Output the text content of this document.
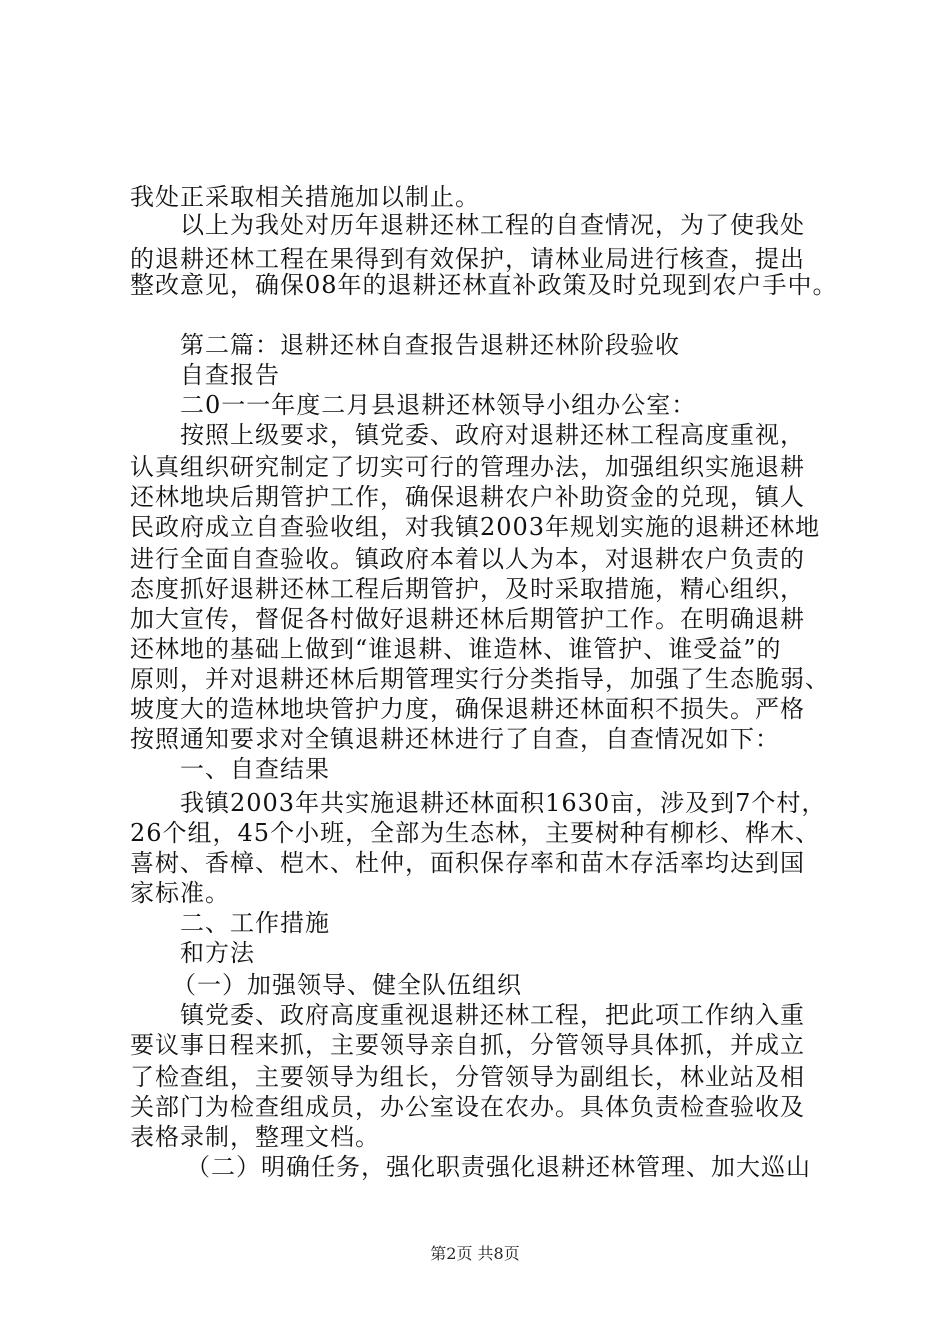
我处正采取相关措施加以制止。
以上为我处对历年退耕还林工程的自查情况，为了使我处
的退耕还林工程在果得到有效保护，请林业局进行核查，提出
整改意见，确保08年的退耕还林直补政策及时兑现到农户手中。
第二篇：退耕还林自查报告退耕还林阶段验收
自查报告
二0一一年度二月县退耕还林领导小组办公室：
按照上级要求，镇党委、政府对退耕还林工程高度重视，
认真组织研究制定了切实可行的管理办法，加强组织实施退耕
还林地块后期管护工作，确保退耕农户补助资金的兑现，镇人
民政府成立自查验收组，对我镇2003年规划实施的退耕还林地
进行全面自查验收。镇政府本着以人为本，对退耕农户负责的
态度抓好退耕还林工程后期管护，及时采取措施，精心组织，
加大宣传，督促各村做好退耕还林后期管护工作。在明确退耕
还林地的基础上做到“谁退耕、谁造林、谁管护、谁受益”的
原则，并对退耕还林后期管理实行分类指导，加强了生态脆弱、
坡度大的造林地块管护力度，确保退耕还林面积不损失。严格
按照通知要求对全镇退耕还林进行了自查，自查情况如下：
一、自查结果
我镇2003年共实施退耕还林面积1630亩，涉及到7个村，
26个组，45个小班，全部为生态林，主要树种有柳杉、桦木、
喜树、香樟、桤木、杜仲，面积保存率和苗木存活率均达到国
家标准。
二、工作措施
和方法
（一）加强领导、健全队伍组织
镇党委、政府高度重视退耕还林工程，把此项工作纳入重
要议事日程来抓，主要领导亲自抓，分管领导具体抓，并成立
了检查组，主要领导为组长，分管领导为副组长，林业站及相
关部门为检查组成员，办公室设在农办。具体负责检查验收及
表格录制，整理文档。
（二）明确任务，强化职责强化退耕还林管理、加大巡山
第2页 共8页
